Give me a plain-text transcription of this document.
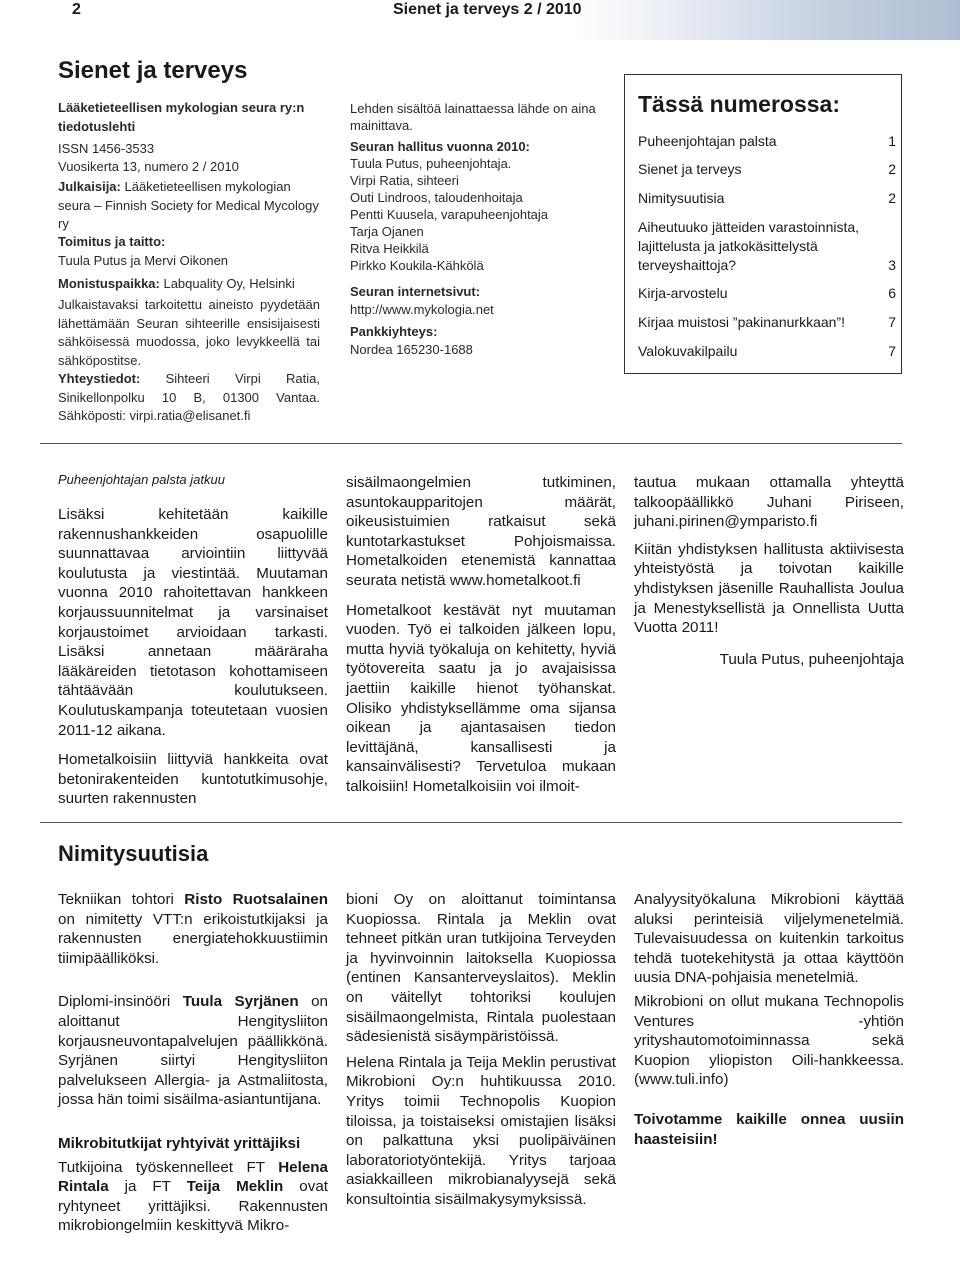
2	Sienet ja terveys 2 / 2010
Sienet ja terveys
Lääketieteellisen mykologian seura ry:n tiedotuslehti
ISSN 1456-3533
Vuosikerta 13, numero 2 / 2010
Julkaisija: Lääketieteellisen mykologian seura – Finnish Society for Medical Mycology ry
Toimitus ja taitto:
Tuula Putus ja Mervi Oikonen
Monistuspaikka: Labquality Oy, Helsinki
Julkaistavaksi tarkoitettu aineisto pyydetään lähettämään Seuran sihteerille ensisijaisesti sähköisessä muodossa, joko levykkeellä tai sähköpostitse.
Yhteystiedot: Sihteeri Virpi Ratia, Sinikellonpolku 10 B, 01300 Vantaa. Sähköposti: virpi.ratia@elisanet.fi
Lehden sisältöä lainattaessa lähde on aina mainittava.
Seuran hallitus vuonna 2010:
Tuula Putus, puheenjohtaja.
Virpi Ratia, sihteeri
Outi Lindroos, taloudenhoitaja
Pentti Kuusela, varapuheenjohtaja
Tarja Ojanen
Ritva Heikkilä
Pirkko Koukila-Kähkölä
Seuran internetsivut:
http://www.mykologia.net
Pankkiyhteys:
Nordea 165230-1688
Tässä numerossa:
Puheenjohtajan palsta	1
Sienet ja terveys	2
Nimitysuutisia	2
Aiheutuuko jätteiden varastoinnista, lajittelusta ja jatkokäsittelystä terveyshaittoja?	3
Kirja-arvostelu	6
Kirjaa muistosi ”pakinanurkkaan”!	7
Valokuvakilpailu	7
Puheenjohtajan palsta jatkuu

Lisäksi kehitetään kaikille rakennushankkeiden osapuolille suunnattavaa arviointiin liittyvää koulutusta ja viestintää. Muutaman vuonna 2010 rahoitettavan hankkeen korjaussuunnitelmat ja varsinaiset korjaustoimet arvioidaan tarkasti. Lisäksi annetaan määräraha lääkäreiden tietotason kohottamiseen tähtäävään koulutukseen. Koulutuskampanja toteutetaan vuosien 2011-12 aikana.

Hometalkoisiin liittyviä hankkeita ovat betonirakenteiden kuntotutkimusohje, suurten rakennusten

sisäilmaongelmien tutkiminen, asuntokaupparitojen määrät, oikeusistuimien ratkaisut sekä kuntotarkastukset Pohjoismaissa. Hometalkoiden etenemistä kannattaa seurata netistä www.hometalkoot.fi

Hometalkoot kestävät nyt muutaman vuoden. Työ ei talkoiden jälkeen lopu, mutta hyviä työkaluja on kehitetty, hyviä työtovereita saatu ja jo avajaisissa jaettiin kaikille hienot työhanskat. Olisiko yhdistyksellämme oma sijansa oikean ja ajantasaisen tiedon levittäjänä, kansallisesti ja kansainvälisesti? Tervetuloa mukaan talkoisiin! Hometalkoisiin voi ilmoit-

tautua mukaan ottamalla yhteyttä talkoopäällikkö Juhani Piriseen, juhani.pirinen@ymparisto.fi

Kiitän yhdistyksen hallitusta aktiivisesta yhteistyöstä ja toivotan kaikille yhdistyksen jäsenille Rauhallista Joulua ja Menestyksellistä ja Onnellista Uutta Vuotta 2011!

Tuula Putus, puheenjohtaja

Nimitysuutisia

Tekniikan tohtori Risto Ruotsalainen on nimitetty VTT:n erikoistutkijaksi ja rakennusten energiatehokkuustiimin tiimipäälliköksi.

Diplomi-insinööri Tuula Syrjänen on aloittanut Hengitysliiton korjausneuvontapalvelujen päällikkönä. Syrjänen siirtyi Hengitysliiton palvelukseen Allergia- ja Astmaliitosta, jossa hän toimi sisäilma-asiantuntijana.

Mikrobitutkijat ryhtyivät yrittäjiksi

Tutkijoina työskennelleet FT Helena Rintala ja FT Teija Meklin ovat ryhtyneet yrittäjiksi. Rakennusten mikrobiongelmiin keskittyvä Mikro-

bioni Oy on aloittanut toimintansa Kuopiossa. Rintala ja Meklin ovat tehneet pitkän uran tutkijoina Terveyden ja hyvinvoinnin laitoksella Kuopiossa (entinen Kansanterveyslaitos). Meklin on väitellyt tohtoriksi koulujen sisäilmaongelmista, Rintala puolestaan sädesienistä sisäympäristöissä.

Helena Rintala ja Teija Meklin perustivat Mikrobioni Oy:n huhtikuussa 2010. Yritys toimii Technopolis Kuopion tiloissa, ja toistaiseksi omistajien lisäksi on palkattuna yksi puolipäiväinen laboratoriotyöntekijä. Yritys tarjoaa asiakkailleen mikrobianalyysejä sekä konsultointia sisäilmakysymyksissä.

Analyysityökaluna Mikrobioni käyttää aluksi perinteisiä viljelymenetelmiä. Tulevaisuudessa on kuitenkin tarkoitus tehdä tuotekehitystä ja ottaa käyttöön uusia DNA-pohjaisia menetelmiä.

Mikrobioni on ollut mukana Technopolis Ventures -yhtiön yrityshautomotoiminnassa sekä Kuopion yliopiston Oili-hankkeessa. (www.tuli.info)

Toivotamme kaikille onnea uusiin haasteisiin!
